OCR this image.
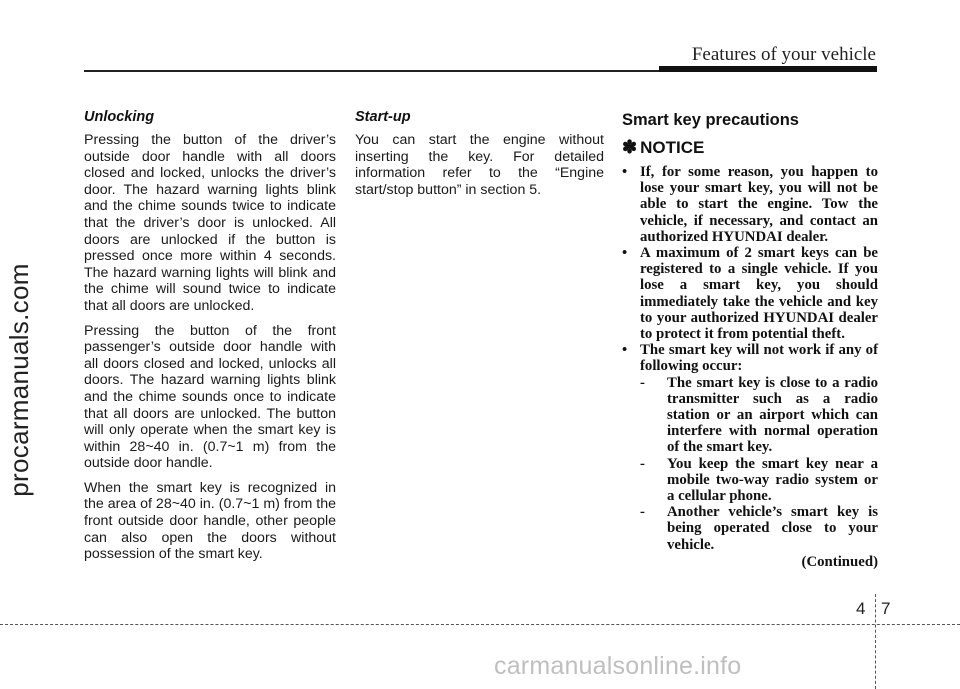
Features of your vehicle
procarmanuals.com
Unlocking

Pressing the button of the driver’s outside door handle with all doors closed and locked, unlocks the driver’s door. The hazard warning lights blink and the chime sounds twice to indicate that the driver’s door is unlocked. All doors are unlocked if the button is pressed once more within 4 seconds. The hazard warning lights will blink and the chime will sound twice to indicate that all doors are unlocked.

Pressing the button of the front passenger’s outside door handle with all doors closed and locked, unlocks all doors. The hazard warning lights blink and the chime sounds once to indicate that all doors are unlocked. The button will only operate when the smart key is within 28~40 in. (0.7~1 m) from the outside door handle.

When the smart key is recognized in the area of 28~40 in. (0.7~1 m) from the front outside door handle, other people can also open the doors without possession of the smart key.

Start-up

You can start the engine without inserting the key. For detailed information refer to the “Engine start/stop button” in section 5.

Smart key precautions
✽ NOTICE
• If, for some reason, you happen to lose your smart key, you will not be able to start the engine. Tow the vehicle, if necessary, and contact an authorized HYUNDAI dealer.
• A maximum of 2 smart keys can be registered to a single vehicle. If you lose a smart key, you should immediately take the vehicle and key to your authorized HYUNDAI dealer to protect it from potential theft.
• The smart key will not work if any of following occur:
- The smart key is close to a radio transmitter such as a radio station or an airport which can interfere with normal operation of the smart key.
- You keep the smart key near a mobile two-way radio system or a cellular phone.
- Another vehicle’s smart key is being operated close to your vehicle.
(Continued)
4 7
carmanualsonline.info
